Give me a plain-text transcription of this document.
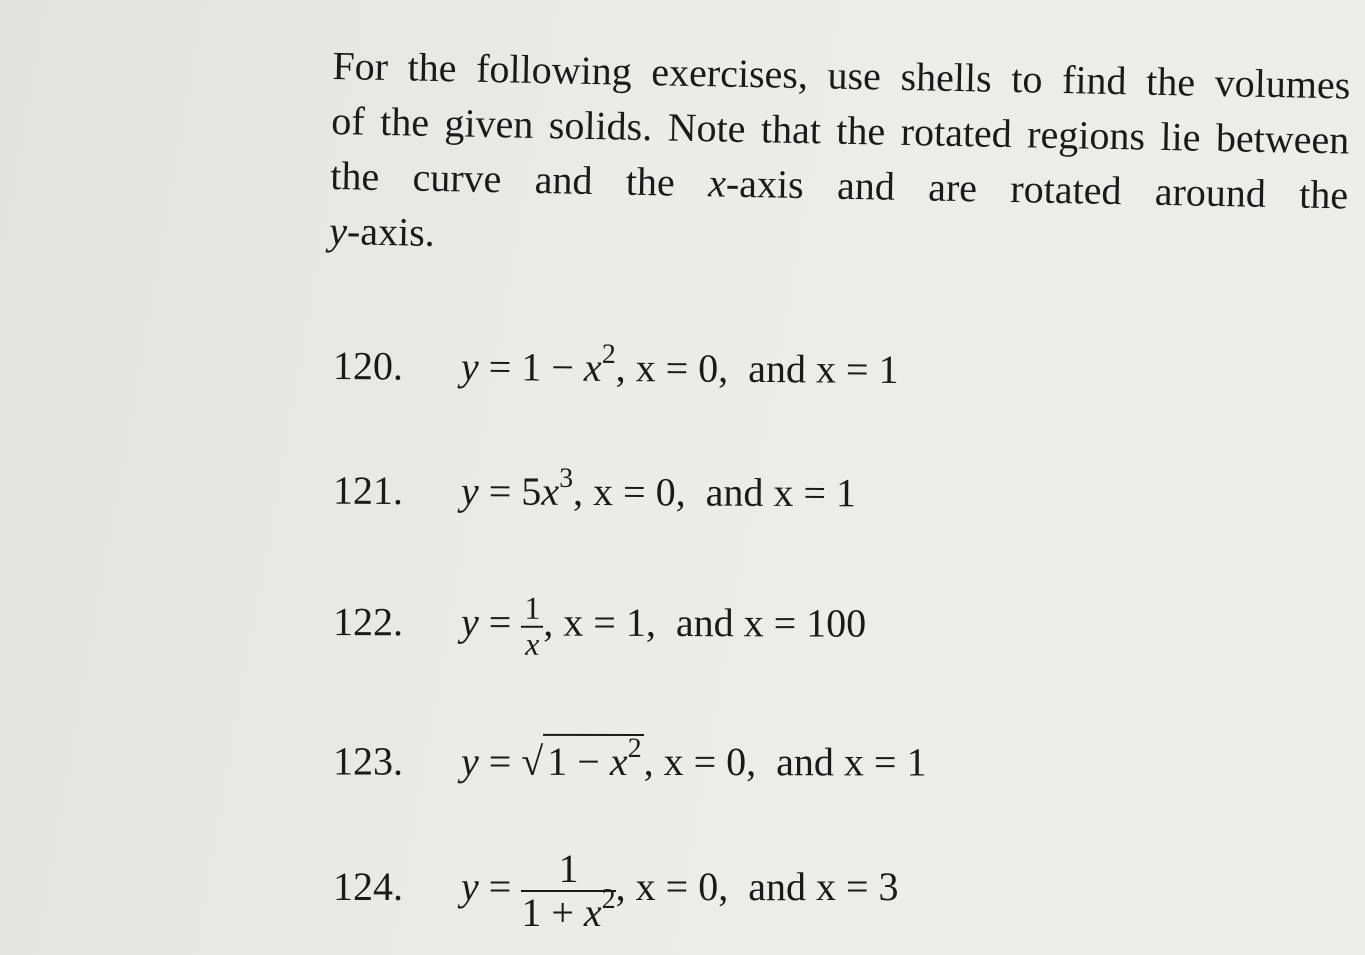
For the following exercises, use shells to find the volumes
of the given solids. Note that the rotated regions lie between
the curve and the x-axis and are rotated around the
y-axis.
120. $y = 1 - x^2$, x = 0, and x = 1
121. $y = 5x^3$, x = 0, and x = 1
122. $y = \frac{1}{x}$ , x = 1, and x = 100
123. $y = √1 - x^2$, x = 0, and x = 1
124. $y = \frac{1}{1 + x^2}$ , x = 0, and x = 3
